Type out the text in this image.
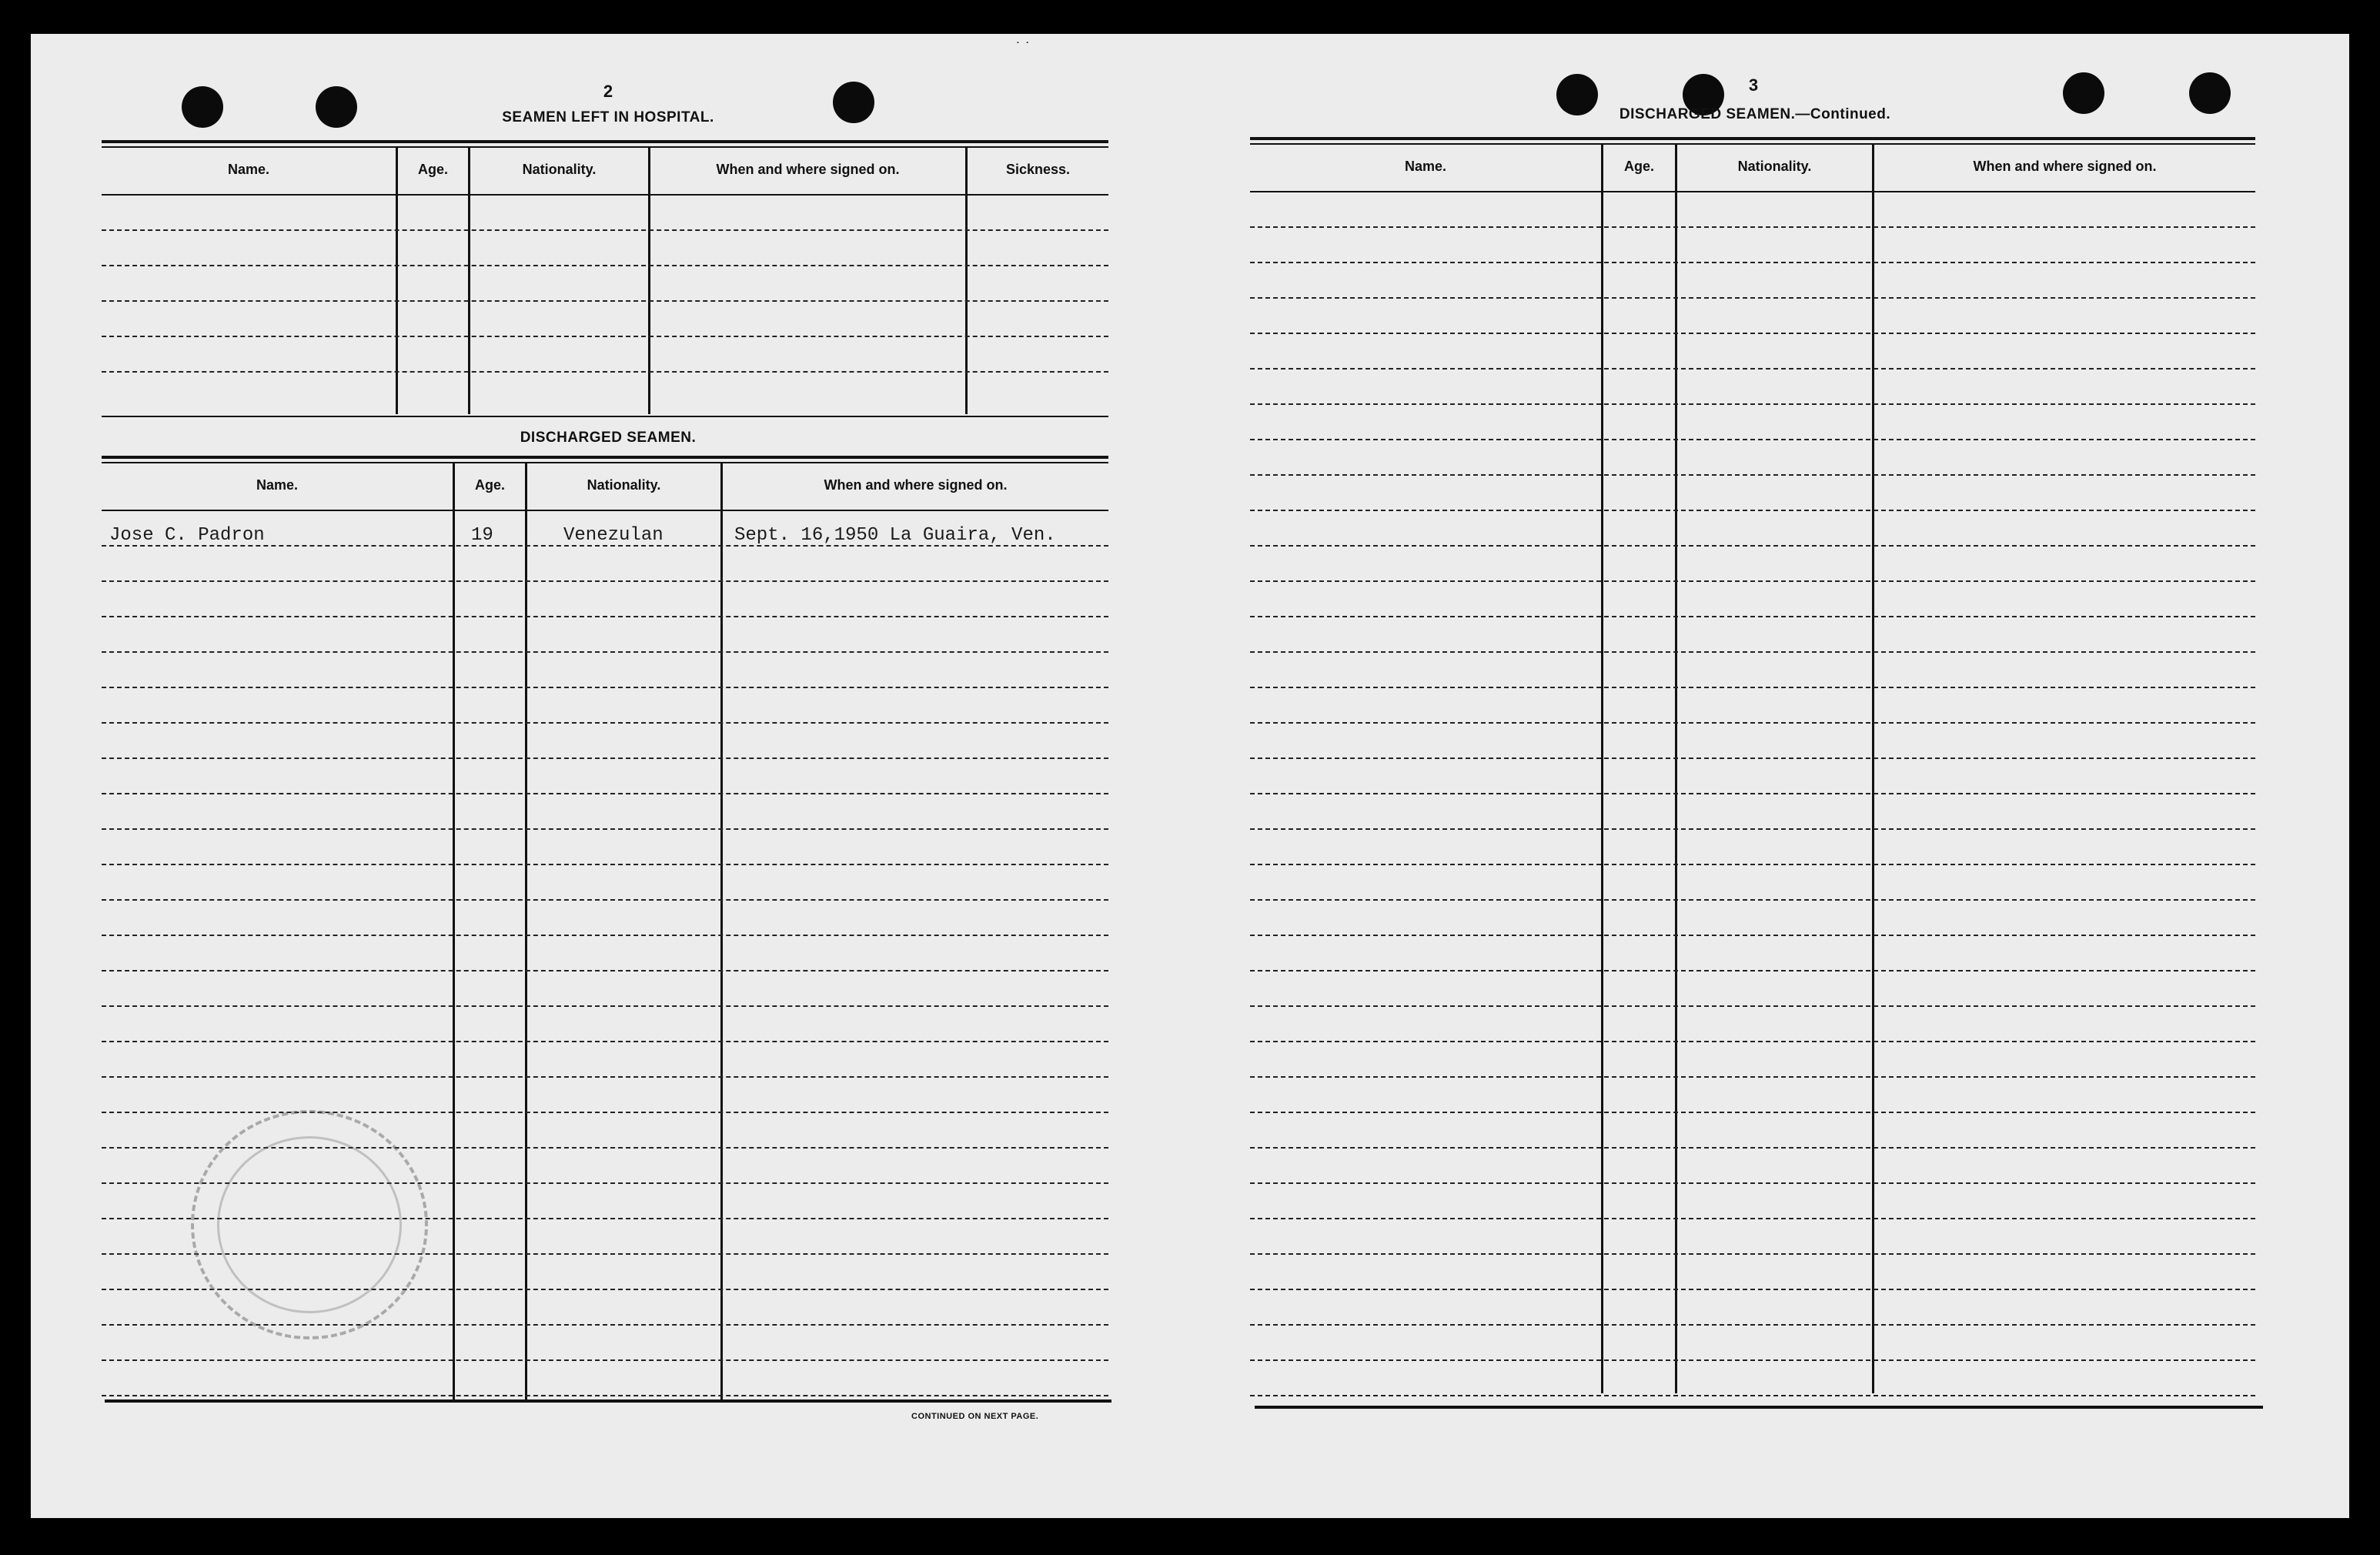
2
SEAMEN LEFT IN HOSPITAL.
Name.	Age.	Nationality.	When and where signed on.	Sickness.
DISCHARGED SEAMEN.
Name.	Age.	Nationality.	When and where signed on.
Jose C. Padron	19	Venezulan	Sept. 16,1950 La Guaira, Ven.
CONTINUED ON NEXT PAGE.
˙ ˙
3
DISCHARGED SEAMEN.—Continued.
Name.	Age.	Nationality.	When and where signed on.
